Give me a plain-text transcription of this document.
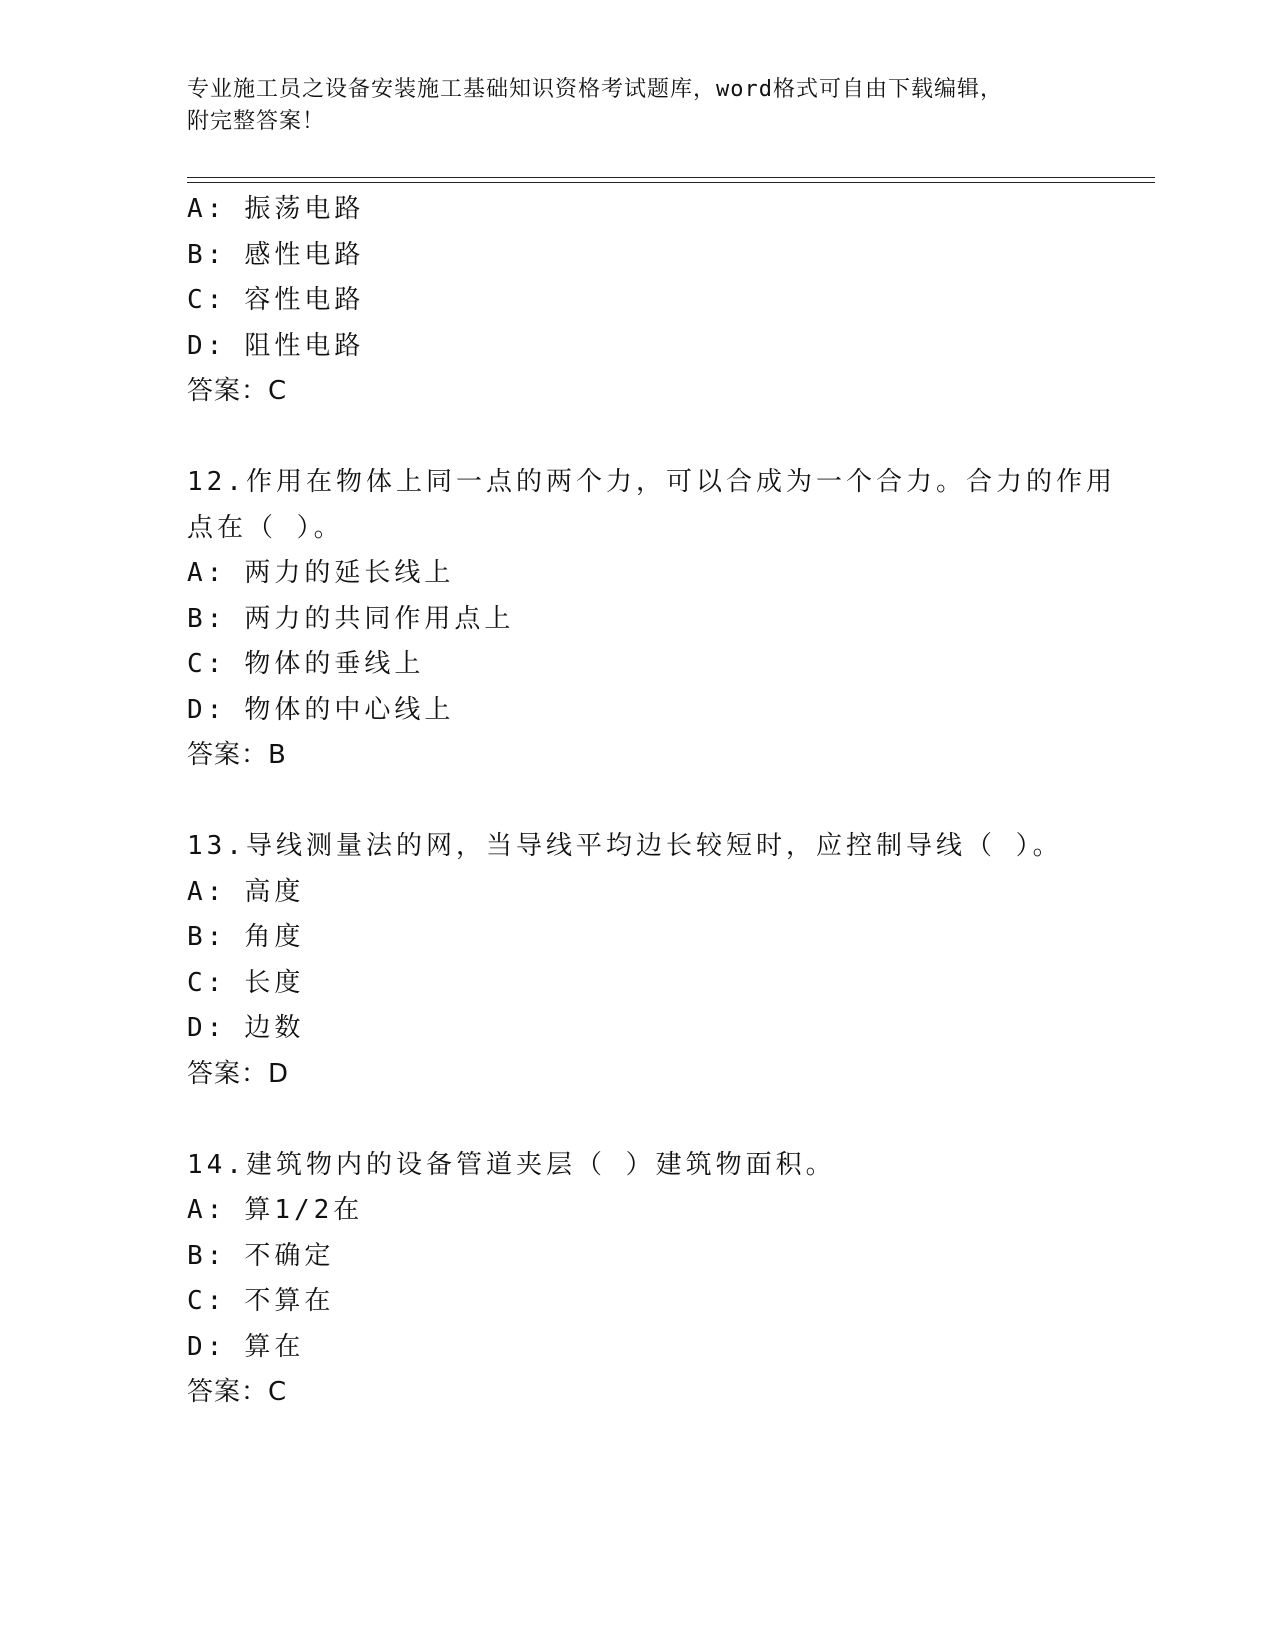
专业施工员之设备安装施工基础知识资格考试题库，word格式可自由下载编辑，
附完整答案！
A: 振荡电路
B: 感性电路
C: 容性电路
D: 阻性电路
答案：C
12.作用在物体上同一点的两个力，可以合成为一个合力。合力的作用
点在（ ）。
A: 两力的延长线上
B: 两力的共同作用点上
C: 物体的垂线上
D: 物体的中心线上
答案：B
13.导线测量法的网，当导线平均边长较短时，应控制导线（ ）。
A: 高度
B: 角度
C: 长度
D: 边数
答案：D
14.建筑物内的设备管道夹层（ ）建筑物面积。
A: 算1/2在
B: 不确定
C: 不算在
D: 算在
答案：C
